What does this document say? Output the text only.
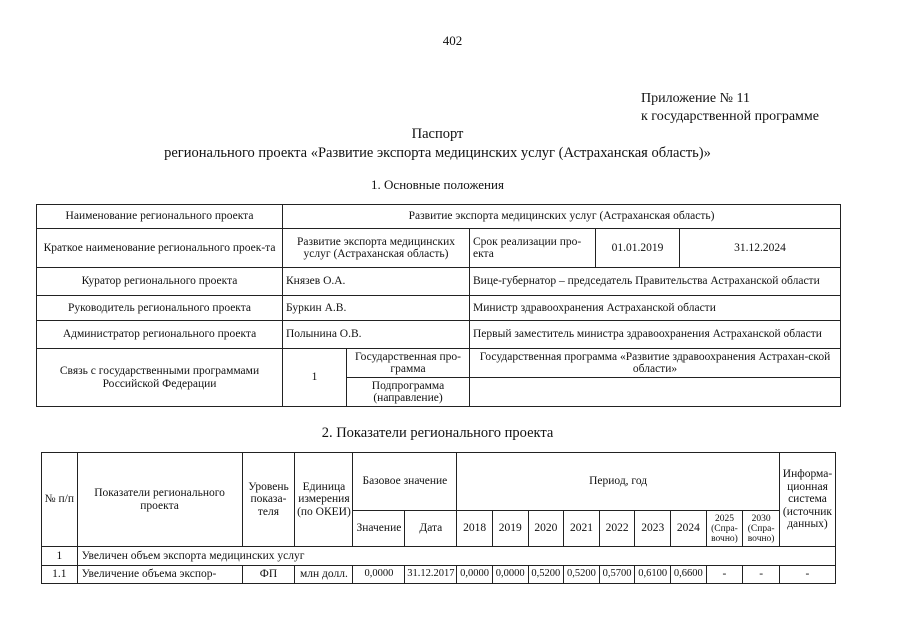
402
Приложение № 11
к государственной программе
Паспорт
регионального проекта «Развитие экспорта медицинских услуг (Астраханская область)»
1. Основные положения
Наименование регионального проекта	Развитие экспорта медицинских услуг (Астраханская область)				
Краткое наименование регионального проек-та	Развитие экспорта медицинских услуг (Астраханская область)		Срок реализации про-екта	01.01.2019	31.12.2024
Куратор регионального проекта	Князев О.А.		Вице-губернатор – председатель Правительства Астраханской области		
Руководитель регионального проекта	Буркин А.В.		Министр здравоохранения Астраханской области		
Администратор регионального проекта	Полынина О.В.		Первый заместитель министра здравоохранения Астраханской области		
Связь с государственными программами Российской Федерации	1	Государственная про-грамма	Государственная программа «Развитие здравоохранения Астрахан-ской области»		
		Подпрограмма (направление)			
2. Показатели регионального проекта
№ п/п	Показатели регионального проекта	Уровень показа-теля	Единица измерения (по ОКЕИ)	Базовое значение		Период, год									Информа-ционная система (источник данных)
				Значение	Дата	2018	2019	2020	2021	2022	2023	2024	2025 (Спра-вочно)	2030 (Спра-вочно)	
1	Увеличен объем экспорта медицинских услуг														
1.1	Увеличение объема экспор-	ФП	млн долл.	0,0000	31.12.2017	0,0000	0,0000	0,5200	0,5200	0,5700	0,6100	0,6600	-	-	-
